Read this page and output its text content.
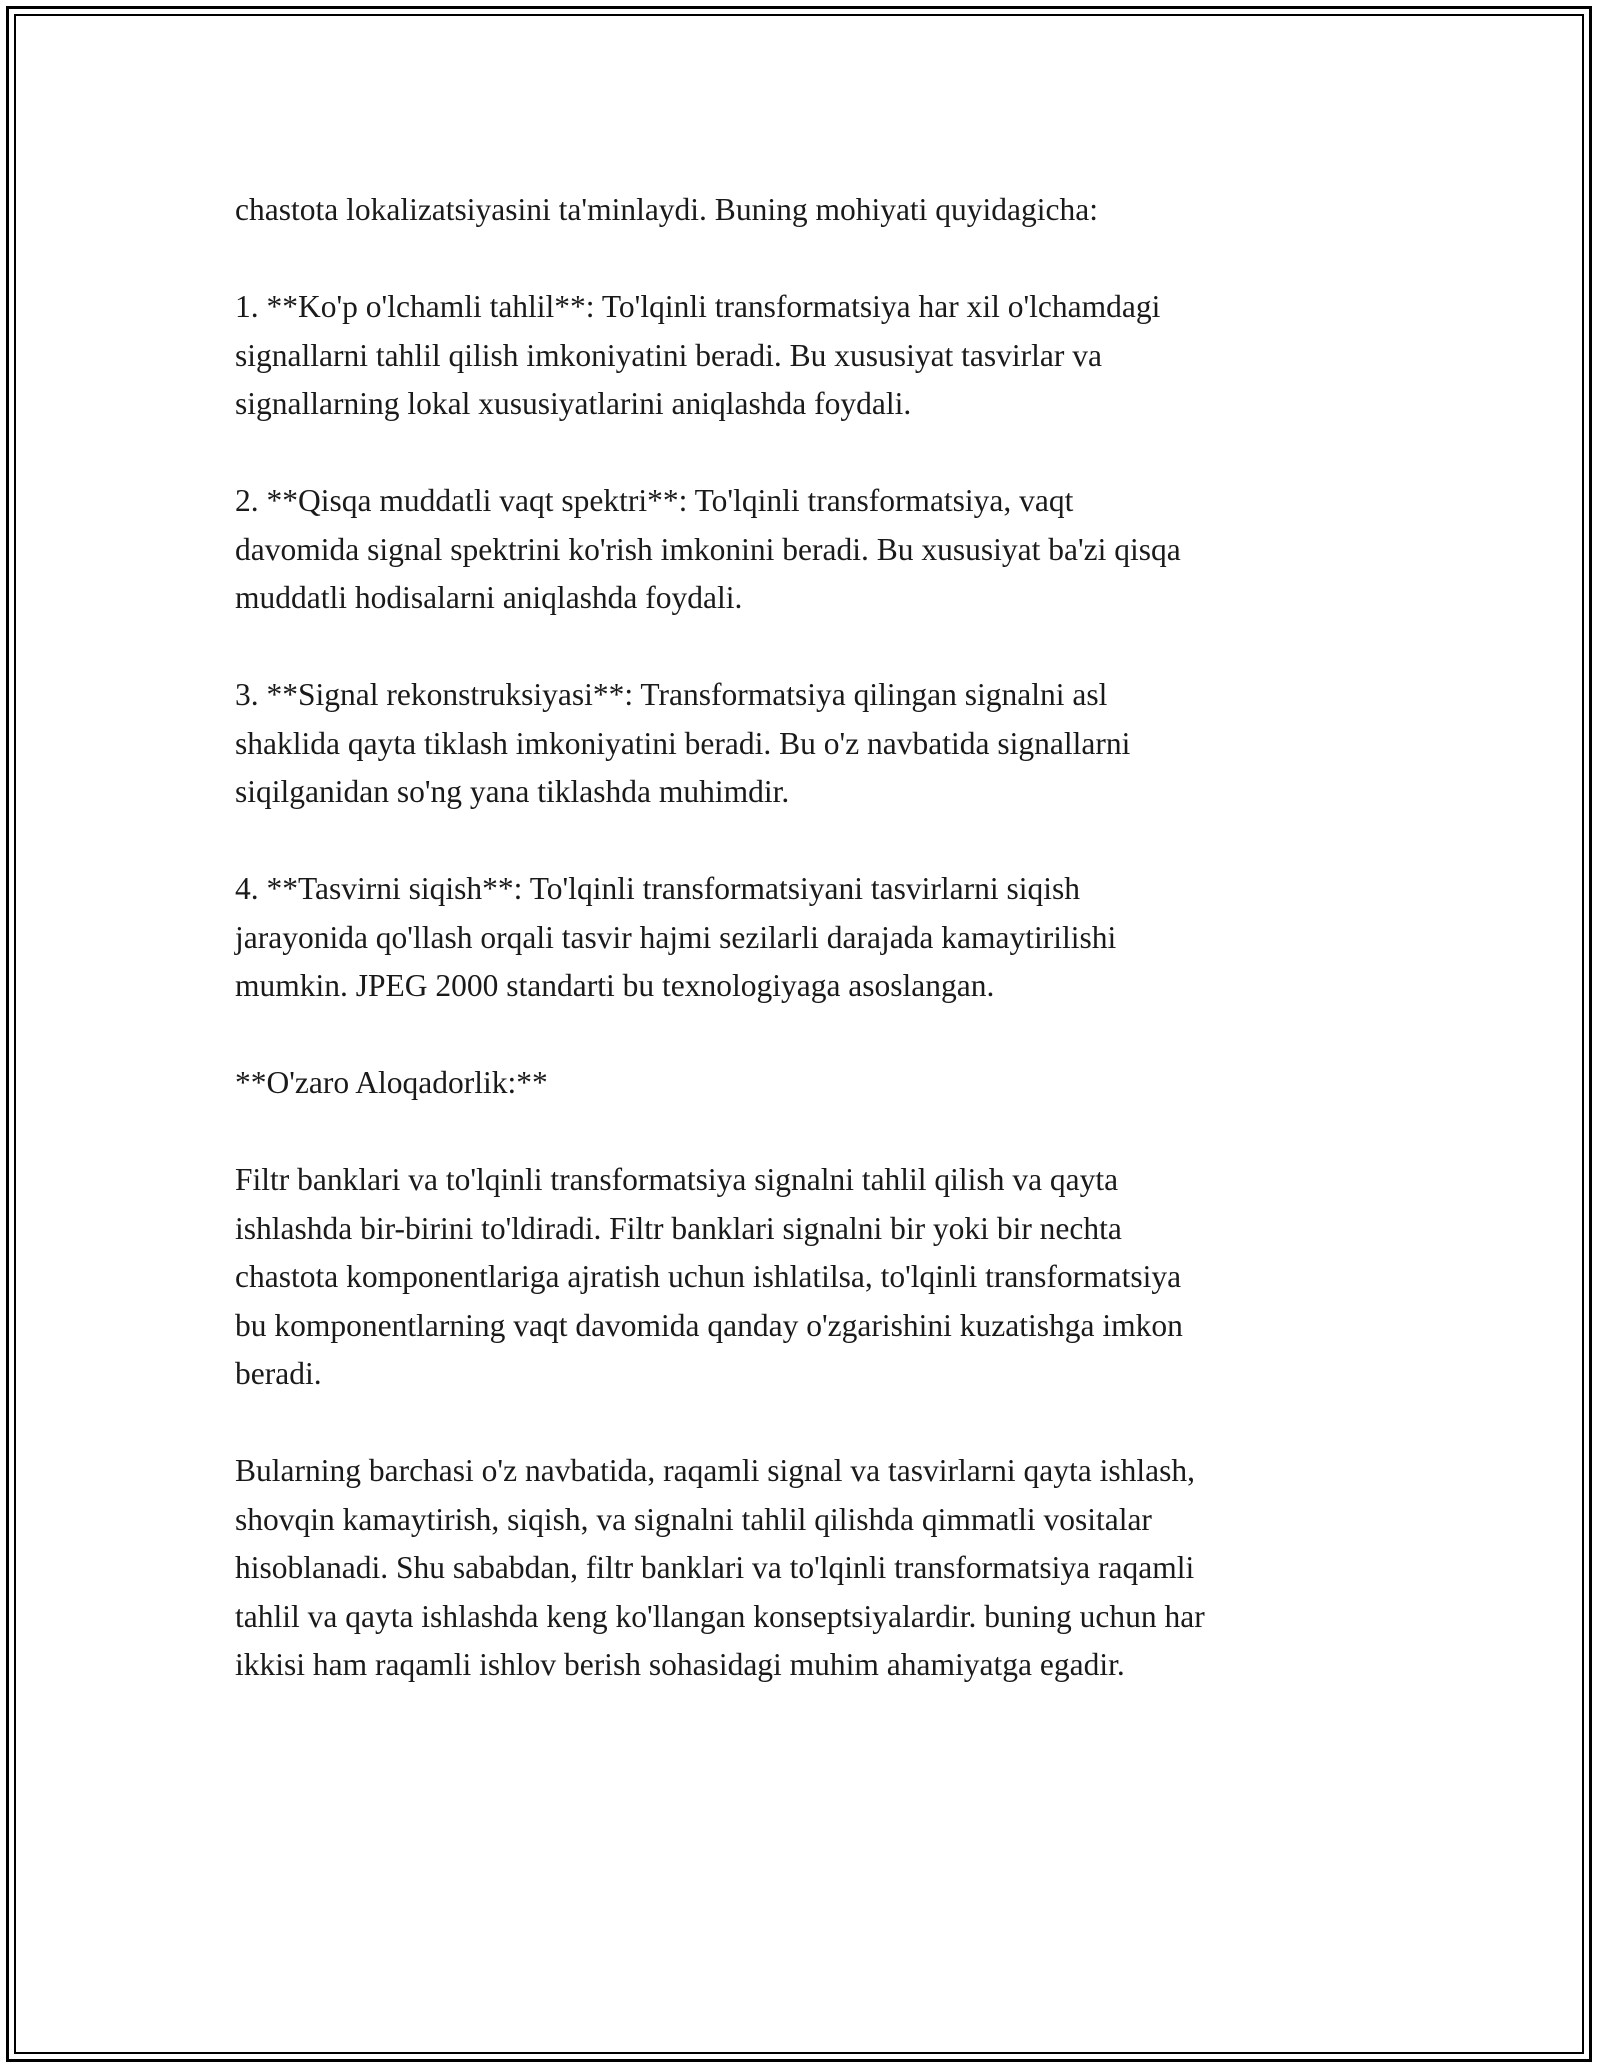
chastota lokalizatsiyasini ta'minlaydi. Buning mohiyati quyidagicha:

1. **Ko'p o'lchamli tahlil**: To'lqinli transformatsiya har xil o'lchamdagi
signallarni tahlil qilish imkoniyatini beradi. Bu xususiyat tasvirlar va
signallarning lokal xususiyatlarini aniqlashda foydali.

2. **Qisqa muddatli vaqt spektri**: To'lqinli transformatsiya, vaqt
davomida signal spektrini ko'rish imkonini beradi. Bu xususiyat ba'zi qisqa
muddatli hodisalarni aniqlashda foydali.

3. **Signal rekonstruksiyasi**: Transformatsiya qilingan signalni asl
shaklida qayta tiklash imkoniyatini beradi. Bu o'z navbatida signallarni
siqilganidan so'ng yana tiklashda muhimdir.

4. **Tasvirni siqish**: To'lqinli transformatsiyani tasvirlarni siqish
jarayonida qo'llash orqali tasvir hajmi sezilarli darajada kamaytirilishi
mumkin. JPEG 2000 standarti bu texnologiyaga asoslangan.

**O'zaro Aloqadorlik:**

Filtr banklari va to'lqinli transformatsiya signalni tahlil qilish va qayta
ishlashda bir-birini to'ldiradi. Filtr banklari signalni bir yoki bir nechta
chastota komponentlariga ajratish uchun ishlatilsa, to'lqinli transformatsiya
bu komponentlarning vaqt davomida qanday o'zgarishini kuzatishga imkon
beradi.

Bularning barchasi o'z navbatida, raqamli signal va tasvirlarni qayta ishlash,
shovqin kamaytirish, siqish, va signalni tahlil qilishda qimmatli vositalar
hisoblanadi. Shu sababdan, filtr banklari va to'lqinli transformatsiya raqamli
tahlil va qayta ishlashda keng ko'llangan konseptsiyalardir. buning uchun har
ikkisi ham raqamli ishlov berish sohasidagi muhim ahamiyatga egadir.
